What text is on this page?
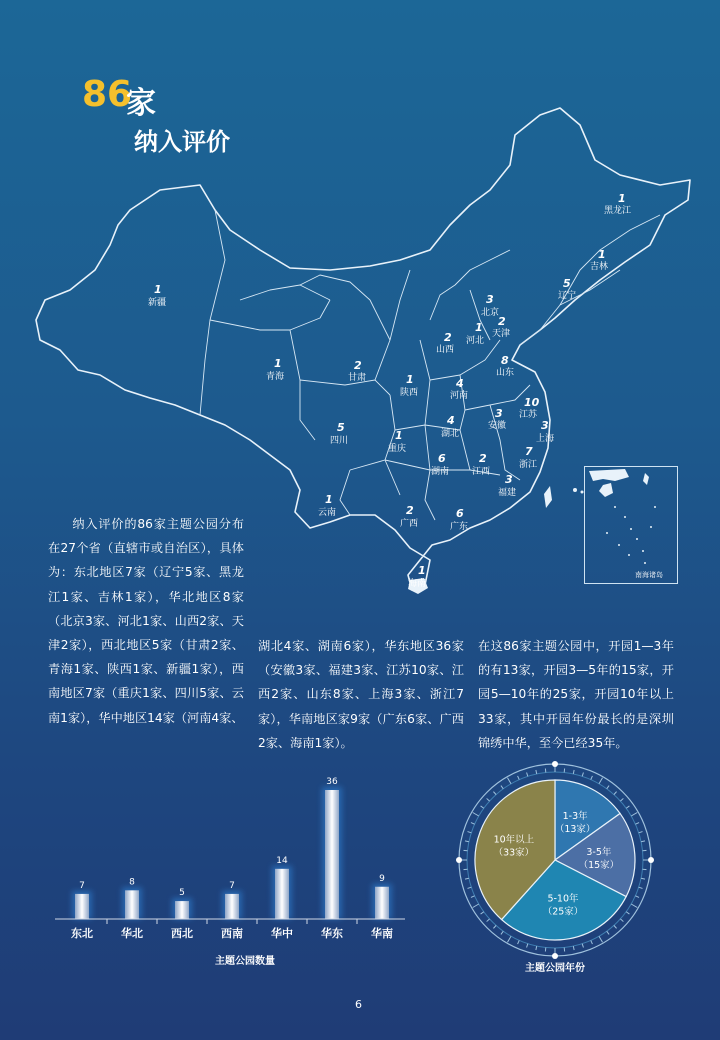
86
家
纳入评价
1
黑龙江
1
吉林
5
辽宁
3
北京
2
天津
1
河北
2
山西
8
山东
1
新疆
1
青海
2
甘肃	1
陕西
4
河南	10
江苏
3
安徽	3
上海
4
湖北
5
四川	1
重庆
6
湖南
2
江西
7
浙江
3
福建
1
云南	2
广西
6
广东
1
海南
南海诸岛
纳入评价的86家主题公园分布在27个省（直辖市或自治区），具体为：东北地区7家（辽宁5家、黑龙江1家、吉林1家），华北地区8家（北京3家、河北1家、山西2家、天津2家），西北地区5家（甘肃2家、青海1家、陕西1家、新疆1家），西南地区7家（重庆1家、四川5家、云南1家），华中地区14家（河南4家、
湖北4家、湖南6家），华东地区36家（安徽3家、福建3家、江苏10家、江西2家、山东8家、上海3家、浙江7家），华南地区家9家（广东6家、广西2家、海南1家）。
在这86家主题公园中，开园1—3年的有13家，开园3—5年的15家，开园5—10年的25家，开园10年以上33家，其中开园年份最长的是深圳锦绣中华，至今已经35年。
7	8
5
7
14
36
9
东北	华北	西北	西南	华中	华东	华南
主题公园数量
1-3年
（13家）
3-5年
（15家）
5-10年
（25家）
10年以上
（33家）
主题公园年份
6
